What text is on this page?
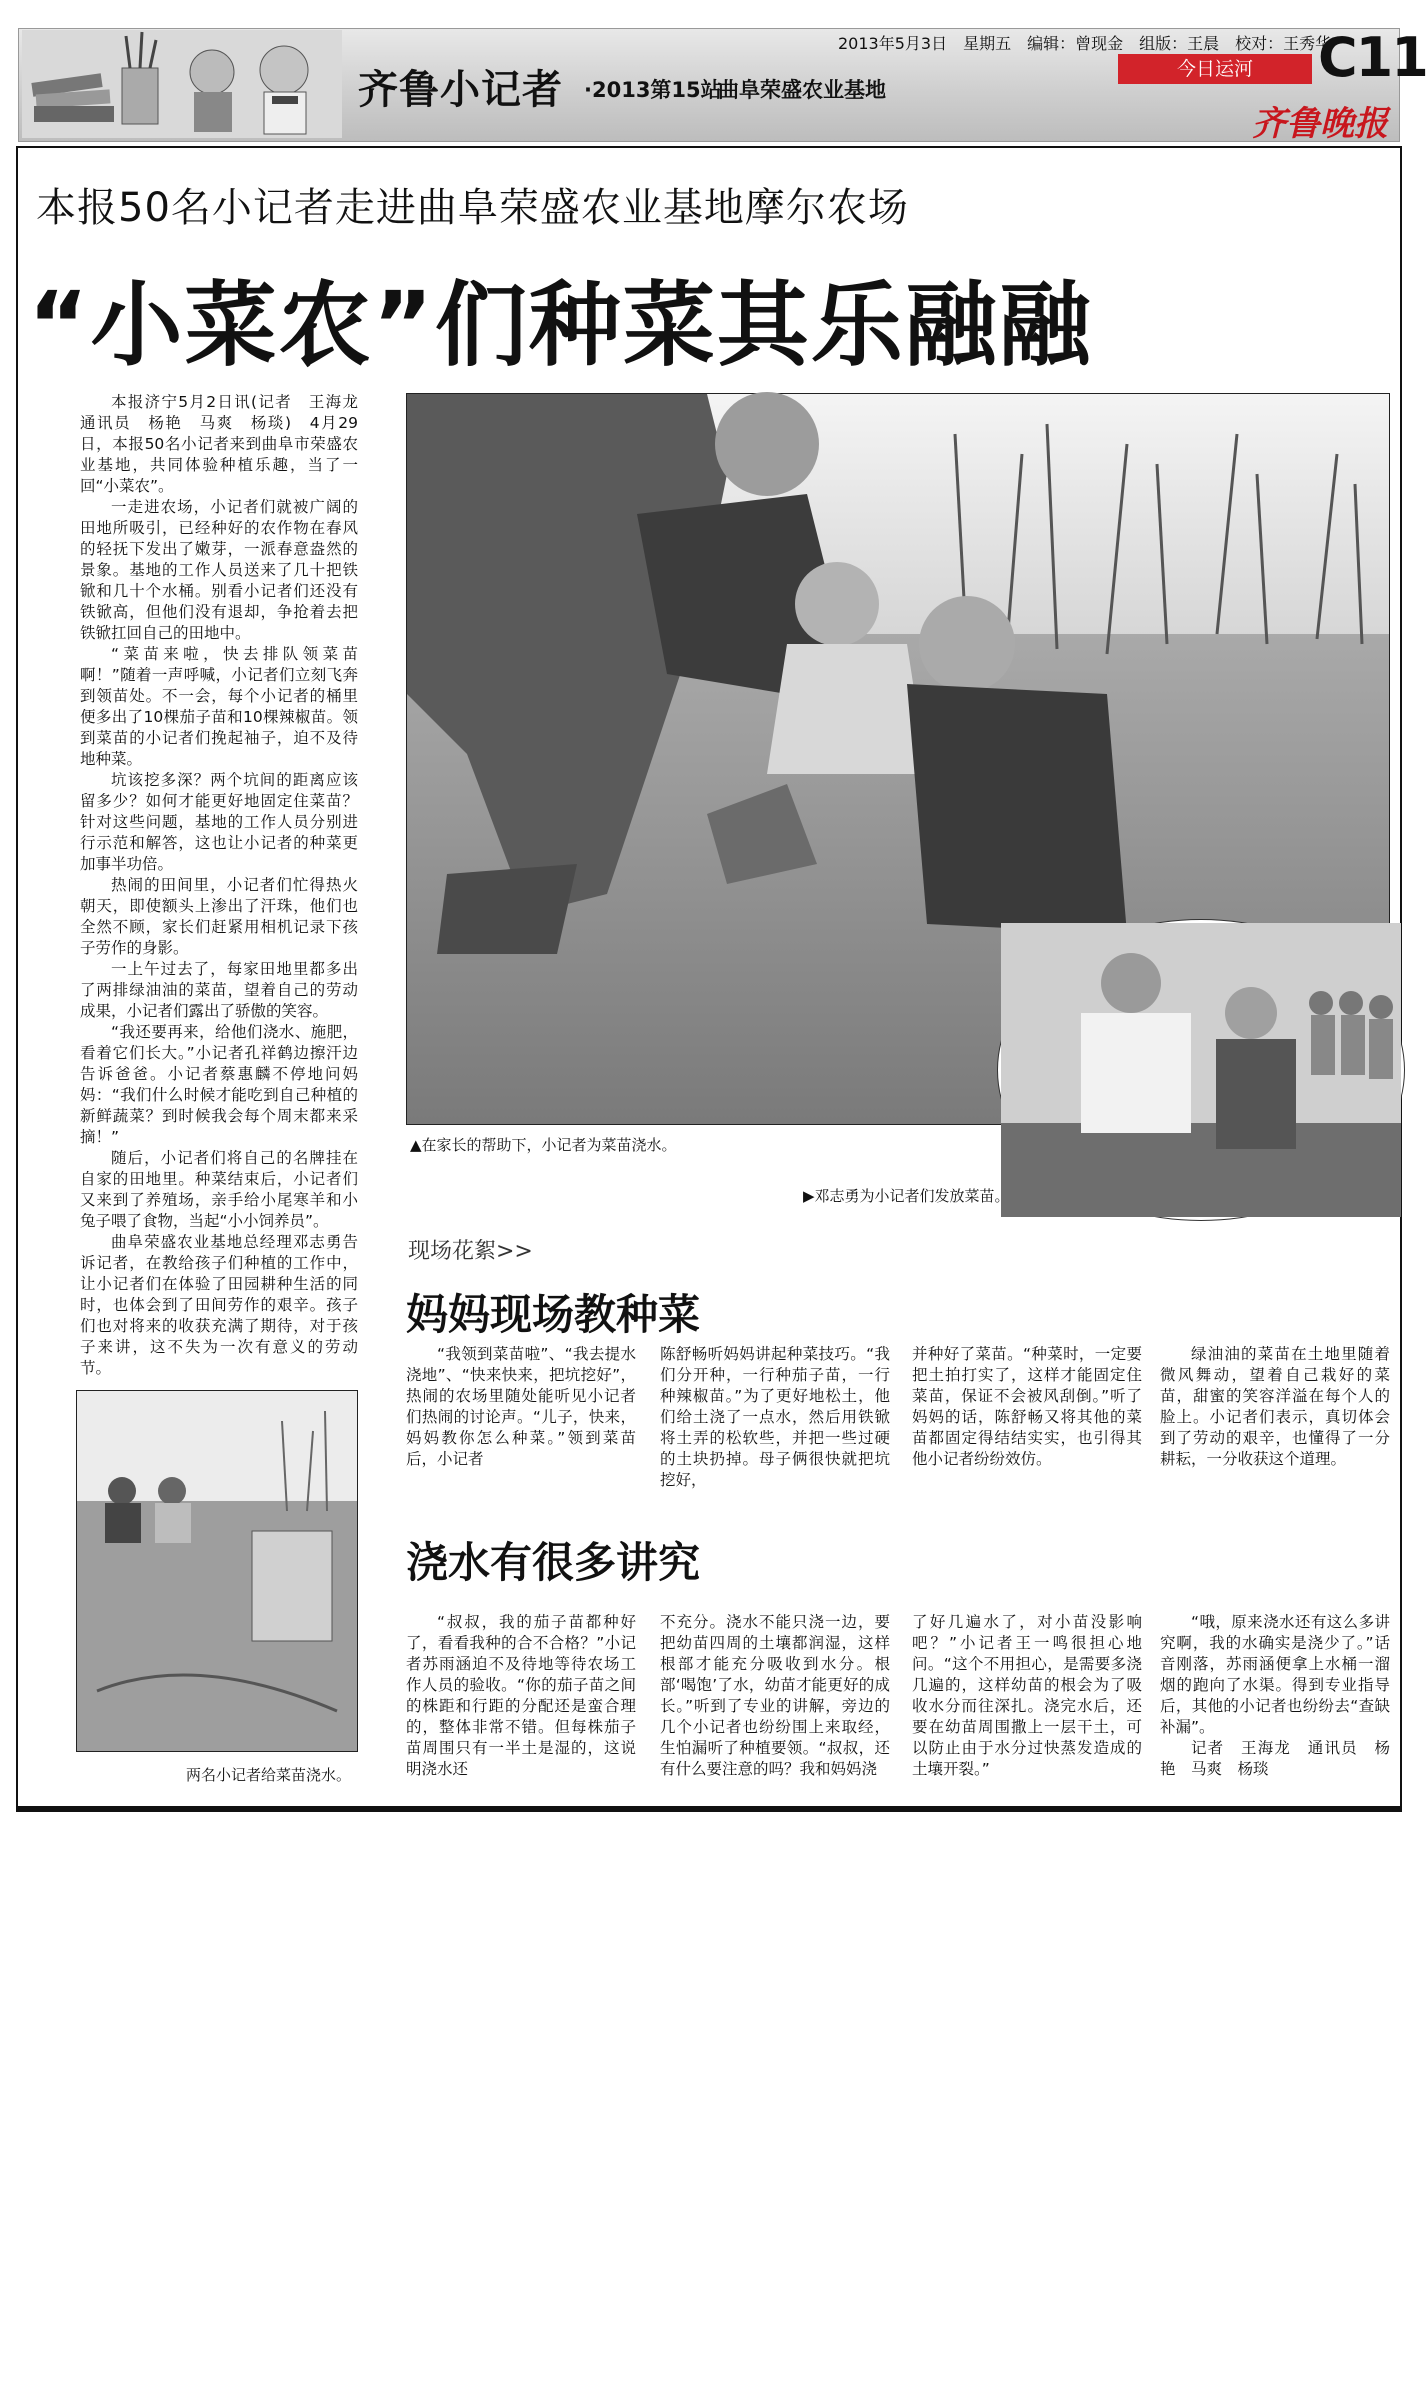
齐鲁小记者 ·2013第15站
曲阜荣盛农业基地
2013年5月3日　星期五　编辑：曾现金　组版：王晨　校对：王秀华
今日运河	C11
齐鲁晚报
本报50名小记者走进曲阜荣盛农业基地摩尔农场
“小菜农”们种菜其乐融融

本报济宁5月2日讯(记者　王海龙　通讯员　杨艳　马爽　杨琰)　4月29日，本报50名小记者来到曲阜市荣盛农业基地，共同体验种植乐趣，当了一回“小菜农”。

一走进农场，小记者们就被广阔的田地所吸引，已经种好的农作物在春风的轻抚下发出了嫩芽，一派春意盎然的景象。基地的工作人员送来了几十把铁锨和几十个水桶。别看小记者们还没有铁锨高，但他们没有退却，争抢着去把铁锨扛回自己的田地中。

“菜苗来啦，快去排队领菜苗啊！”随着一声呼喊，小记者们立刻飞奔到领苗处。不一会，每个小记者的桶里便多出了10棵茄子苗和10棵辣椒苗。领到菜苗的小记者们挽起袖子，迫不及待地种菜。

坑该挖多深？两个坑间的距离应该留多少？如何才能更好地固定住菜苗？针对这些问题，基地的工作人员分别进行示范和解答，这也让小记者的种菜更加事半功倍。

热闹的田间里，小记者们忙得热火朝天，即使额头上渗出了汗珠，他们也全然不顾，家长们赶紧用相机记录下孩子劳作的身影。

一上午过去了，每家田地里都多出了两排绿油油的菜苗，望着自己的劳动成果，小记者们露出了骄傲的笑容。

“我还要再来，给他们浇水、施肥，看着它们长大。”小记者孔祥鹤边擦汗边告诉爸爸。小记者蔡惠麟不停地问妈妈：“我们什么时候才能吃到自己种植的新鲜蔬菜？到时候我会每个周末都来采摘！”

随后，小记者们将自己的名牌挂在自家的田地里。种菜结束后，小记者们又来到了养殖场，亲手给小尾寒羊和小兔子喂了食物，当起“小小饲养员”。

曲阜荣盛农业基地总经理邓志勇告诉记者，在教给孩子们种植的工作中，让小记者们在体验了田园耕种生活的同时，也体会到了田间劳作的艰辛。孩子们也对将来的收获充满了期待，对于孩子来讲，这不失为一次有意义的劳动节。

▲在家长的帮助下，小记者为菜苗浇水。
▶邓志勇为小记者们发放菜苗。
两名小记者给菜苗浇水。
现场花絮>>
妈妈现场教种菜

“我领到菜苗啦”、“我去提水浇地”、“快来快来，把坑挖好”，热闹的农场里随处能听见小记者们热闹的讨论声。“儿子，快来，妈妈教你怎么种菜。”领到菜苗后，小记者

陈舒畅听妈妈讲起种菜技巧。“我们分开种，一行种茄子苗，一行种辣椒苗。”为了更好地松土，他们给土浇了一点水，然后用铁锨将土弄的松软些，并把一些过硬的土块扔掉。母子俩很快就把坑挖好，

并种好了菜苗。“种菜时，一定要把土拍打实了，这样才能固定住菜苗，保证不会被风刮倒。”听了妈妈的话，陈舒畅又将其他的菜苗都固定得结结实实，也引得其他小记者纷纷效仿。

绿油油的菜苗在土地里随着微风舞动，望着自己栽好的菜苗，甜蜜的笑容洋溢在每个人的脸上。小记者们表示，真切体会到了劳动的艰辛，也懂得了一分耕耘，一分收获这个道理。

浇水有很多讲究

“叔叔，我的茄子苗都种好了，看看我种的合不合格？”小记者苏雨涵迫不及待地等待农场工作人员的验收。“你的茄子苗之间的株距和行距的分配还是蛮合理的，整体非常不错。但每株茄子苗周围只有一半土是湿的，这说明浇水还

不充分。浇水不能只浇一边，要把幼苗四周的土壤都润湿，这样根部才能充分吸收到水分。根部‘喝饱’了水，幼苗才能更好的成长。”听到了专业的讲解，旁边的几个小记者也纷纷围上来取经，生怕漏听了种植要领。“叔叔，还有什么要注意的吗？我和妈妈浇

了好几遍水了，对小苗没影响吧？”小记者王一鸣很担心地问。“这个不用担心，是需要多浇几遍的，这样幼苗的根会为了吸收水分而往深扎。浇完水后，还要在幼苗周围撒上一层干土，可以防止由于水分过快蒸发造成的土壤开裂。”

“哦，原来浇水还有这么多讲究啊，我的水确实是浇少了。”话音刚落，苏雨涵便拿上水桶一溜烟的跑向了水渠。得到专业指导后，其他的小记者也纷纷去“查缺补漏”。

记者　王海龙　通讯员　杨艳　马爽　杨琰
